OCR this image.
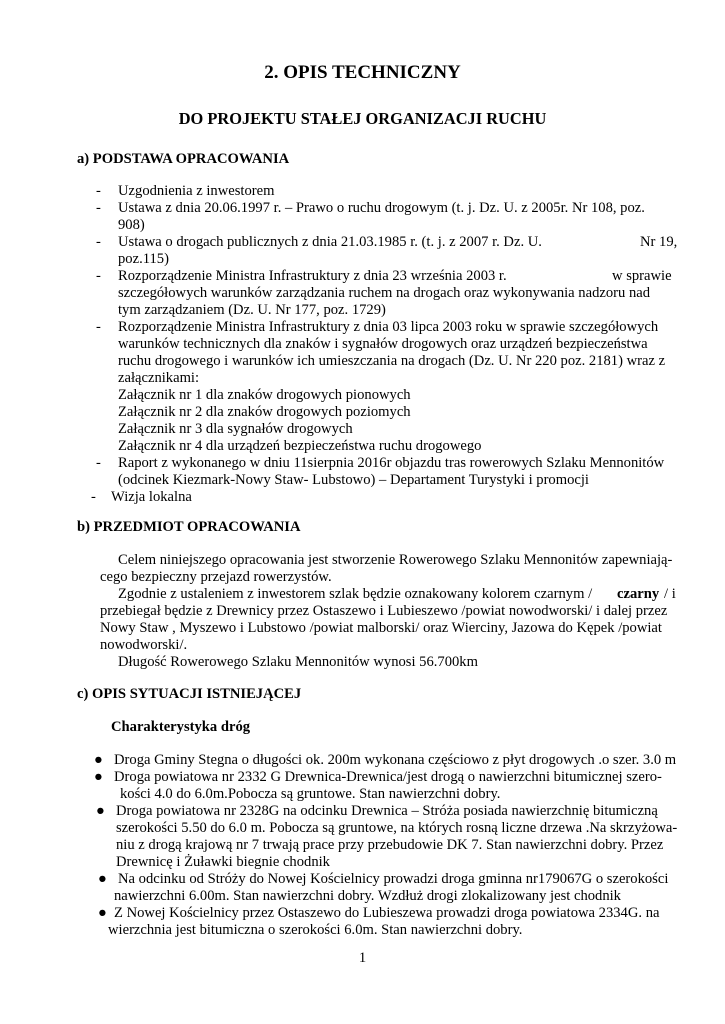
2. OPIS TECHNICZNY
DO PROJEKTU STAŁEJ ORGANIZACJI RUCHU
a) PODSTAWA OPRACOWANIA
- Uzgodnienia z inwestorem
- Ustawa z dnia 20.06.1997 r. – Prawo o ruchu drogowym (t. j. Dz. U. z 2005r. Nr 108, poz.
908)
- Ustawa o drogach publicznych z dnia 21.03.1985 r. (t. j. z 2007 r. Dz. U.	Nr 19,
poz.115)
- Rozporządzenie Ministra Infrastruktury z dnia 23 września 2003 r.	w sprawie
szczegółowych warunków zarządzania ruchem na drogach oraz wykonywania nadzoru nad
tym zarządzaniem (Dz. U. Nr 177, poz. 1729)
- Rozporządzenie Ministra Infrastruktury z dnia 03 lipca 2003 roku w sprawie szczegółowych
warunków technicznych dla znaków i sygnałów drogowych oraz urządzeń bezpieczeństwa
ruchu drogowego i warunków ich umieszczania na drogach (Dz. U. Nr 220 poz. 2181) wraz z
załącznikami:
Załącznik nr 1 dla znaków drogowych pionowych
Załącznik nr 2 dla znaków drogowych poziomych
Załącznik nr 3 dla sygnałów drogowych
Załącznik nr 4 dla urządzeń bezpieczeństwa ruchu drogowego
- Raport z wykonanego w dniu 11sierpnia 2016r objazdu tras rowerowych Szlaku Mennonitów
(odcinek Kiezmark-Nowy Staw- Lubstowo) – Departament Turystyki i promocji
- Wizja lokalna
b) PRZEDMIOT OPRACOWANIA
Celem niniejszego opracowania jest stworzenie Rowerowego Szlaku Mennonitów zapewniają-
cego bezpieczny przejazd rowerzystów.
Zgodnie z ustaleniem z inwestorem szlak będzie oznakowany kolorem czarnym / czarny / i
przebiegał będzie z Drewnicy przez Ostaszewo i Lubieszewo /powiat nowodworski/ i dalej przez
Nowy Staw , Myszewo i Lubstowo /powiat malborski/ oraz Wierciny, Jazowa do Kępek /powiat
nowodworski/.
Długość Rowerowego Szlaku Mennonitów wynosi 56.700km
c) OPIS SYTUACJI ISTNIEJĄCEJ
Charakterystyka dróg
● Droga Gminy Stegna o długości ok. 200m wykonana częściowo z płyt drogowych .o szer. 3.0 m
● Droga powiatowa nr 2332 G Drewnica-Drewnica/jest drogą o nawierzchni bitumicznej szero-
kości 4.0 do 6.0m.Pobocza są gruntowe. Stan nawierzchni dobry.
● Droga powiatowa nr 2328G na odcinku Drewnica – Stróża posiada nawierzchnię bitumiczną
szerokości 5.50 do 6.0 m. Pobocza są gruntowe, na których rosną liczne drzewa .Na skrzyżowa-
niu z drogą krajową nr 7 trwają prace przy przebudowie DK 7. Stan nawierzchni dobry. Przez
Drewnicę i Żuławki biegnie chodnik
● Na odcinku od Stróży do Nowej Kościelnicy prowadzi droga gminna nr179067G o szerokości
nawierzchni 6.00m. Stan nawierzchni dobry. Wzdłuż drogi zlokalizowany jest chodnik
● Z Nowej Kościelnicy przez Ostaszewo do Lubieszewa prowadzi droga powiatowa 2334G. na
wierzchnia jest bitumiczna o szerokości 6.0m. Stan nawierzchni dobry.
1
